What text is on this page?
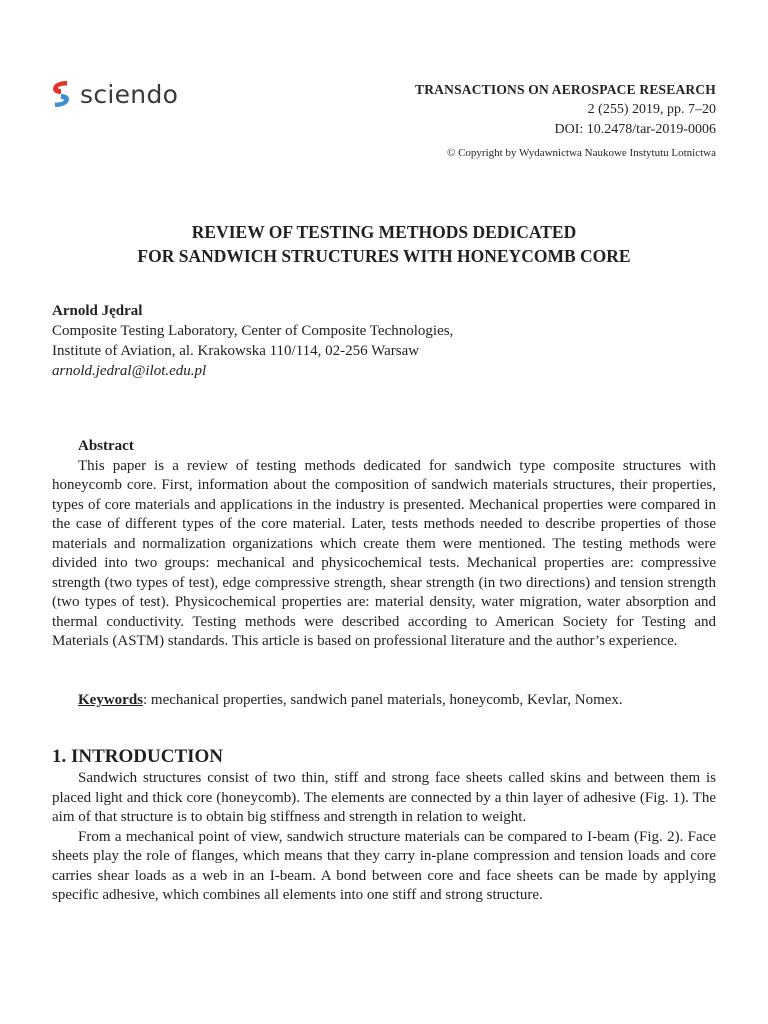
sciendo	TRANSACTIONS ON AEROSPACE RESEARCH
2 (255) 2019, pp. 7–20
DOI: 10.2478/tar-2019-0006
© Copyright by Wydawnictwa Naukowe Instytutu Lotnictwa
REVIEW OF TESTING METHODS DEDICATED
FOR SANDWICH STRUCTURES WITH HONEYCOMB CORE
Arnold Jędral
Composite Testing Laboratory, Center of Composite Technologies,
Institute of Aviation, al. Krakowska 110/114, 02-256 Warsaw
arnold.jedral@ilot.edu.pl

Abstract

This paper is a review of testing methods dedicated for sandwich type composite structures with honeycomb core. First, information about the composition of sandwich materials structures, their properties, types of core materials and applications in the industry is presented. Mechanical properties were compared in the case of different types of the core material. Later, tests methods needed to describe properties of those materials and normalization organizations which create them were mentioned. The testing methods were divided into two groups: mechanical and physicochemical tests. Mechanical properties are: compressive strength (two types of test), edge compressive strength, shear strength (in two directions) and tension strength (two types of test). Physicochemical properties are: material density, water migration, water absorption and thermal conductivity. Testing methods were described according to American Society for Testing and Materials (ASTM) standards. This article is based on professional literature and the author’s experience.

Keywords: mechanical properties, sandwich panel materials, honeycomb, Kevlar, Nomex.
1. INTRODUCTION

Sandwich structures consist of two thin, stiff and strong face sheets called skins and between them is placed light and thick core (honeycomb). The elements are connected by a thin layer of adhesive (Fig. 1). The aim of that structure is to obtain big stiffness and strength in relation to weight.

From a mechanical point of view, sandwich structure materials can be compared to I-beam (Fig. 2). Face sheets play the role of flanges, which means that they carry in-plane compression and tension loads and core carries shear loads as a web in an I-beam. A bond between core and face sheets can be made by applying specific adhesive, which combines all elements into one stiff and strong structure.
